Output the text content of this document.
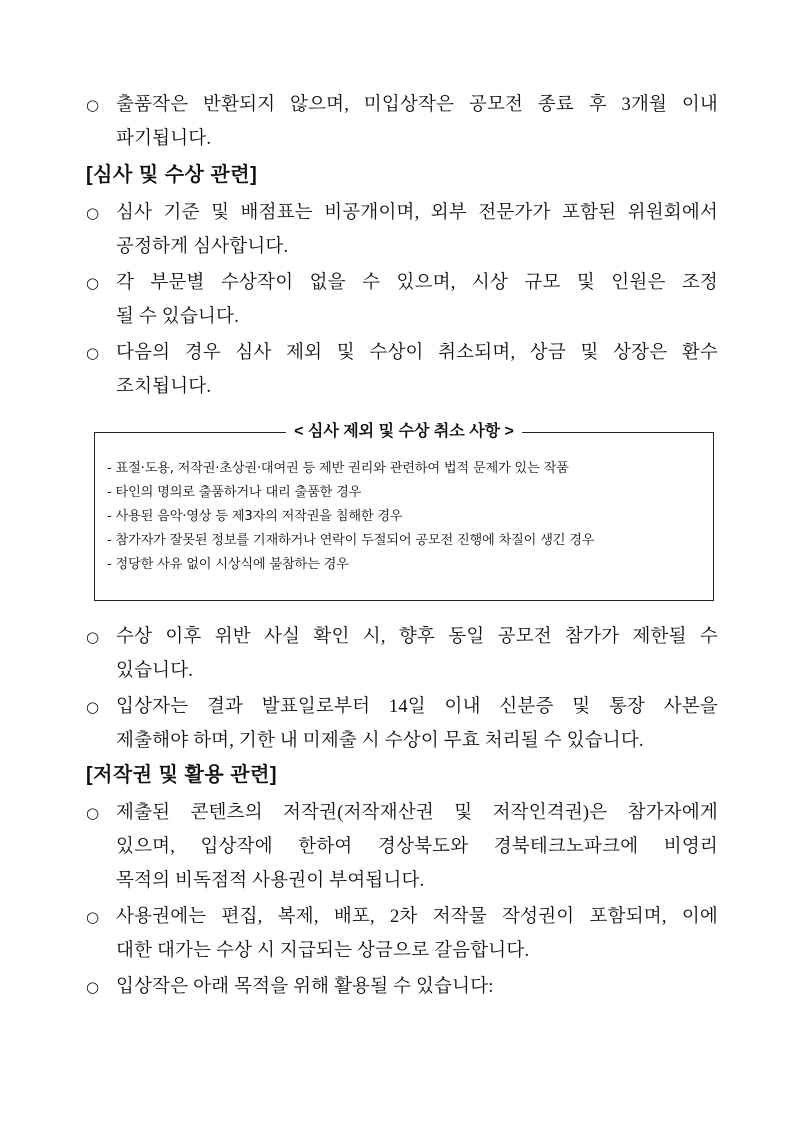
○ 출품작은 반환되지 않으며, 미입상작은 공모전 종료 후 3개월 이내
파기됩니다.
[심사 및 수상 관련]
○ 심사 기준 및 배점표는 비공개이며, 외부 전문가가 포함된 위원회에서
공정하게 심사합니다.
○ 각 부문별 수상작이 없을 수 있으며, 시상 규모 및 인원은 조정
될 수 있습니다.
○ 다음의 경우 심사 제외 및 수상이 취소되며, 상금 및 상장은 환수
조치됩니다.
< 심사 제외 및 수상 취소 사항 >
- 표절·도용, 저작권·초상권·대여권 등 제반 권리와 관련하여 법적 문제가 있는 작품
- 타인의 명의로 출품하거나 대리 출품한 경우
- 사용된 음악·영상 등 제3자의 저작권을 침해한 경우
- 참가자가 잘못된 정보를 기재하거나 연락이 두절되어 공모전 진행에 차질이 생긴 경우
- 정당한 사유 없이 시상식에 불참하는 경우
○ 수상 이후 위반 사실 확인 시, 향후 동일 공모전 참가가 제한될 수
있습니다.
○ 입상자는 결과 발표일로부터 14일 이내 신분증 및 통장 사본을
제출해야 하며, 기한 내 미제출 시 수상이 무효 처리될 수 있습니다.
[저작권 및 활용 관련]
○ 제출된 콘텐츠의 저작권(저작재산권 및 저작인격권)은 참가자에게
있으며, 입상작에 한하여 경상북도와 경북테크노파크에 비영리
목적의 비독점적 사용권이 부여됩니다.
○ 사용권에는 편집, 복제, 배포, 2차 저작물 작성권이 포함되며, 이에
대한 대가는 수상 시 지급되는 상금으로 갈음합니다.
○ 입상작은 아래 목적을 위해 활용될 수 있습니다:
